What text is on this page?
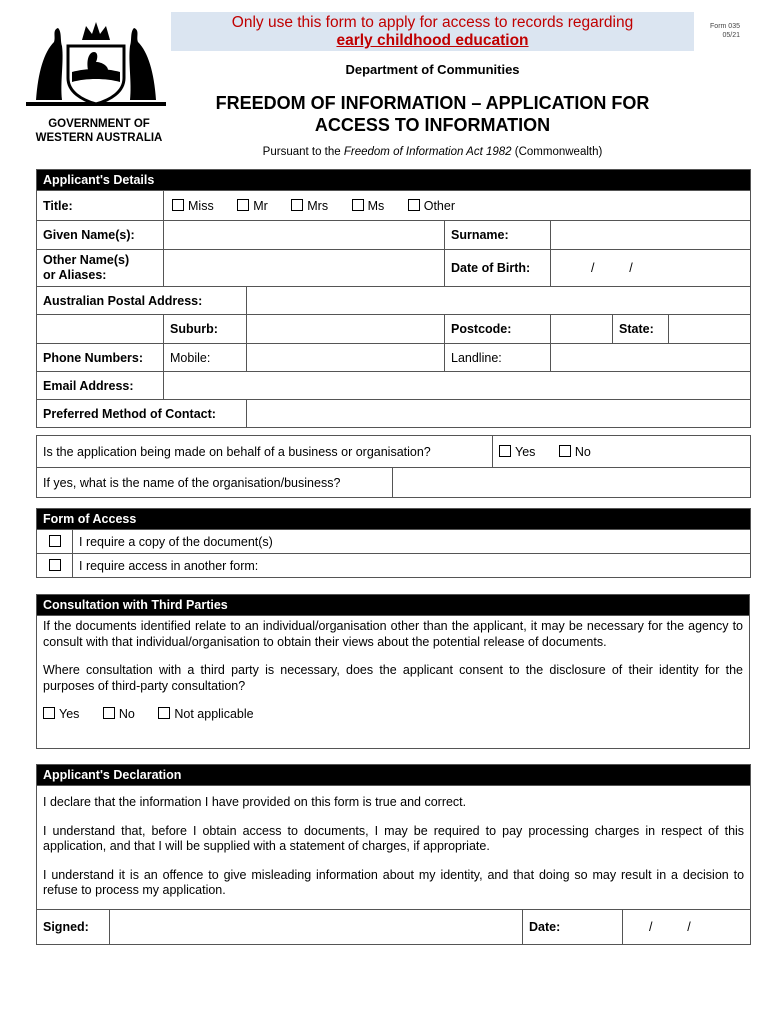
GOVERNMENT OF
WESTERN AUSTRALIA
Only use this form to apply for access to records regarding
early childhood education
Form 035
05/21
Department of Communities
FREEDOM OF INFORMATION – APPLICATION FOR
ACCESS TO INFORMATION
Pursuant to the Freedom of Information Act 1982 (Commonwealth)
Applicant's Details						
Title:	Miss Mr Mrs Ms Other					
Given Name(s):			Surname:			

Other Name(s)
or Aliases:			Date of Birth:	/          /		
Australian Postal Address:						
	Suburb:		Postcode:		State:	
Phone Numbers:	Mobile:		Landline:			
Email Address:						
Preferred Method of Contact:						
Is the application being made on behalf of a business or organisation?		Yes No
If yes, what is the name of the organisation/business?		
Form of Access	
	I require a copy of the document(s)
	I require access in another form:
Consultation with Third Parties

If the documents identified relate to an individual/organisation other than the applicant, it may be necessary for the agency to consult with that individual/organisation to obtain their views about the potential release of documents.
Where consultation with a third party is necessary, does the applicant consent to the disclosure of their identity for the purposes of third-party consultation?
Yes	No	Not applicable
Applicant's Declaration

I declare that the information I have provided on this form is true and correct.
I understand that, before I obtain access to documents, I may be required to pay processing charges in respect of this application, and that I will be supplied with a statement of charges, if appropriate.
I understand it is an offence to give misleading information about my identity, and that doing so may result in a decision to refuse to process my application.

Signed:		Date:	/          /
